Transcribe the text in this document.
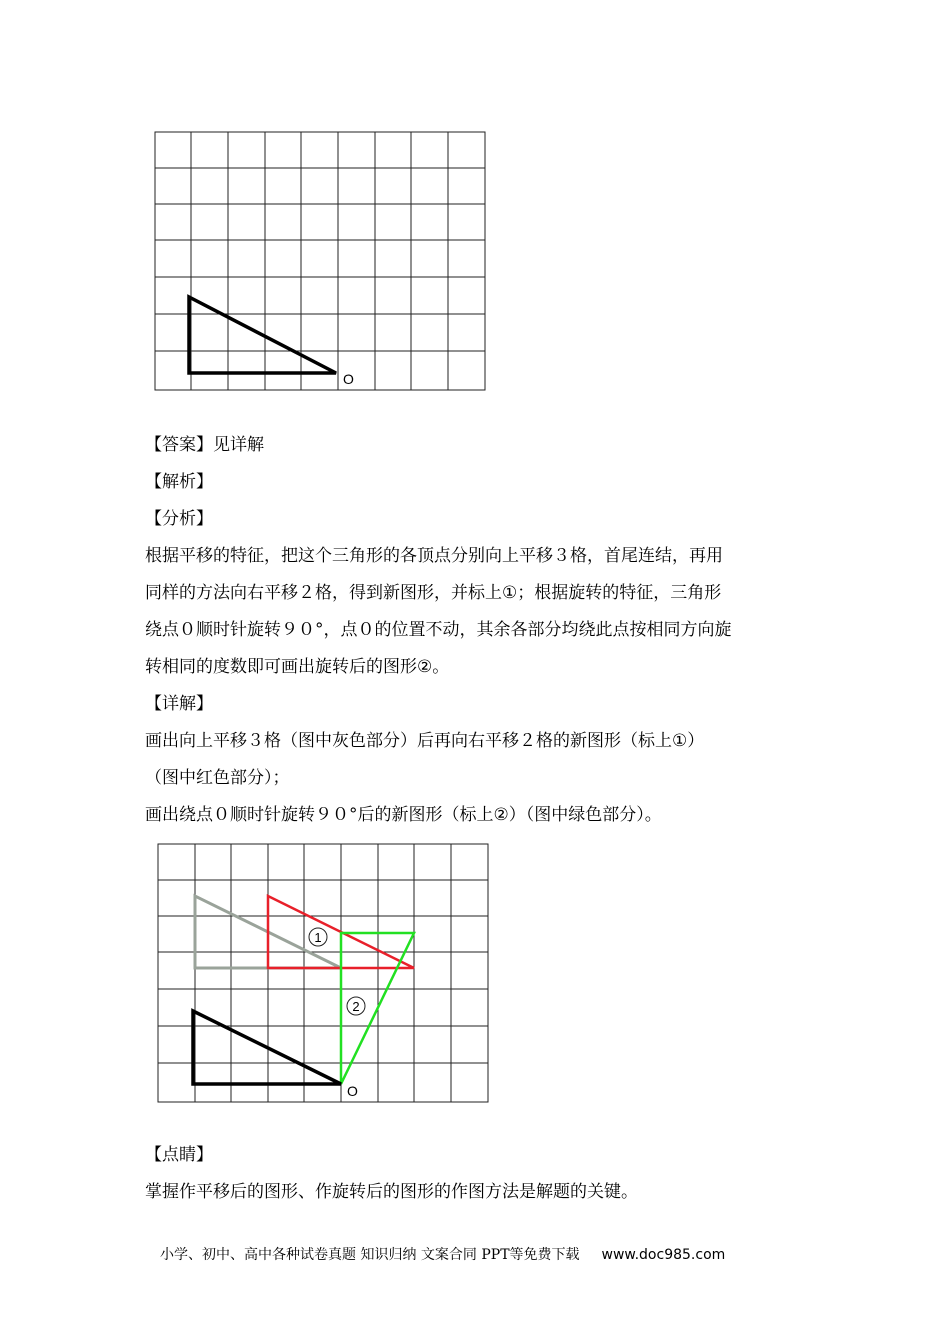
O
【答案】见详解
【解析】
【分析】
根据平移的特征，把这个三角形的各顶点分别向上平移３格，首尾连结，再用
同样的方法向右平移２格，得到新图形，并标上①；根据旋转的特征，三角形
绕点０顺时针旋转９０°，点０的位置不动，其余各部分均绕此点按相同方向旋
转相同的度数即可画出旋转后的图形②。
【详解】
画出向上平移３格（图中灰色部分）后再向右平移２格的新图形（标上①）
（图中红色部分）；
画出绕点０顺时针旋转９０°后的新图形（标上②）（图中绿色部分）。
1
2
O
【点睛】
掌握作平移后的图形、作旋转后的图形的作图方法是解题的关键。
小学、初中、高中各种试卷真题 知识归纳 文案合同 PPT等免费下载 www.doc985.com
